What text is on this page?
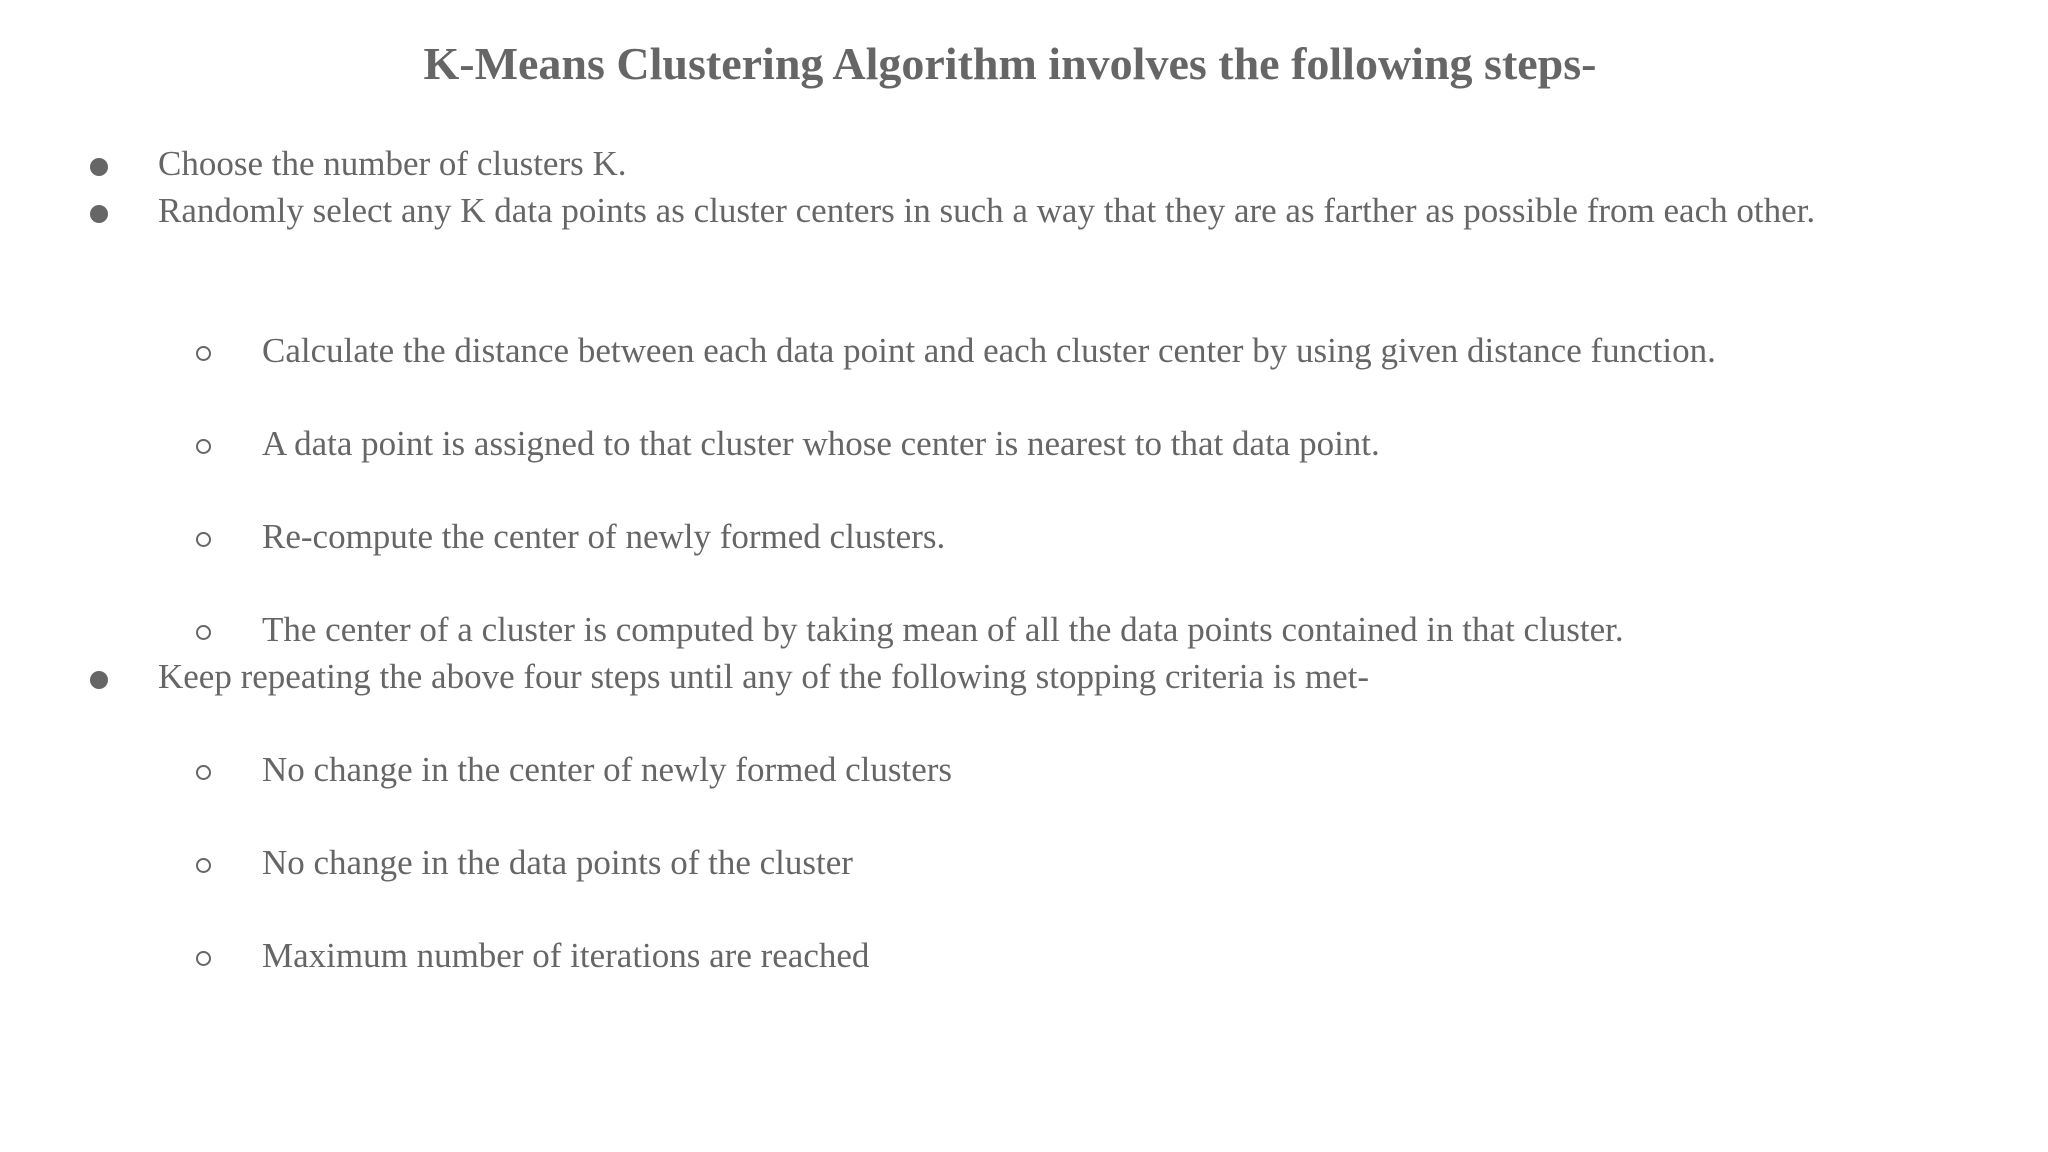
K-Means Clustering Algorithm involves the following steps-
Choose the number of clusters K.
Randomly select any K data points as cluster centers in such a way that they are as farther as possible from each other.
Calculate the distance between each data point and each cluster center by using given distance function.
A data point is assigned to that cluster whose center is nearest to that data point.
Re-compute the center of newly formed clusters.
The center of a cluster is computed by taking mean of all the data points contained in that cluster.
Keep repeating the above four steps until any of the following stopping criteria is met-
No change in the center of newly formed clusters
No change in the data points of the cluster
Maximum number of iterations are reached
